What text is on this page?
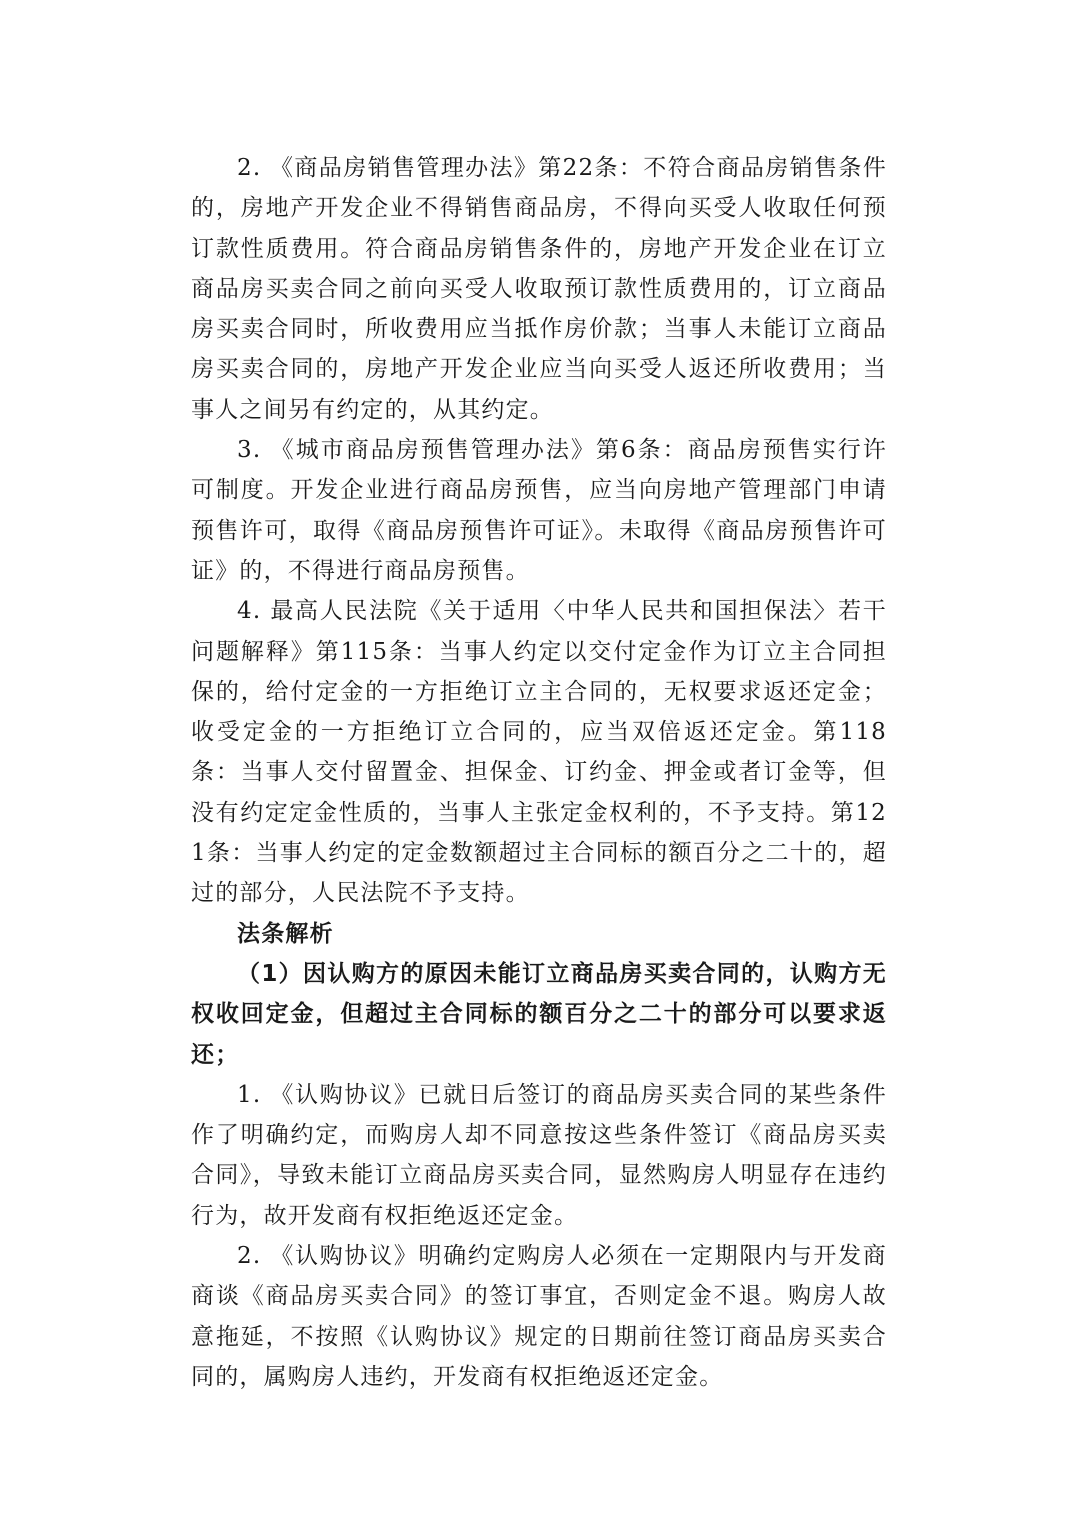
2. 《商品房销售管理办法》第22条：不符合商品房销售条件的，房地产开发企业不得销售商品房，不得向买受人收取任何预订款性质费用。符合商品房销售条件的，房地产开发企业在订立商品房买卖合同之前向买受人收取预订款性质费用的，订立商品房买卖合同时，所收费用应当抵作房价款；当事人未能订立商品房买卖合同的，房地产开发企业应当向买受人返还所收费用；当事人之间另有约定的，从其约定。

3. 《城市商品房预售管理办法》第6条：商品房预售实行许可制度。开发企业进行商品房预售，应当向房地产管理部门申请预售许可，取得《商品房预售许可证》。未取得《商品房预售许可证》的，不得进行商品房预售。

4. 最高人民法院《关于适用〈中华人民共和国担保法〉若干问题解释》第115条：当事人约定以交付定金作为订立主合同担保的，给付定金的一方拒绝订立主合同的，无权要求返还定金；收受定金的一方拒绝订立合同的，应当双倍返还定金。第118条：当事人交付留置金、担保金、订约金、押金或者订金等，但没有约定定金性质的，当事人主张定金权利的，不予支持。第121条：当事人约定的定金数额超过主合同标的额百分之二十的，超过的部分，人民法院不予支持。

法条解析

（1）因认购方的原因未能订立商品房买卖合同的，认购方无权收回定金，但超过主合同标的额百分之二十的部分可以要求返还；

1. 《认购协议》已就日后签订的商品房买卖合同的某些条件作了明确约定，而购房人却不同意按这些条件签订《商品房买卖合同》，导致未能订立商品房买卖合同，显然购房人明显存在违约行为，故开发商有权拒绝返还定金。

2. 《认购协议》明确约定购房人必须在一定期限内与开发商商谈《商品房买卖合同》的签订事宜，否则定金不退。购房人故意拖延，不按照《认购协议》规定的日期前往签订商品房买卖合同的，属购房人违约，开发商有权拒绝返还定金。
